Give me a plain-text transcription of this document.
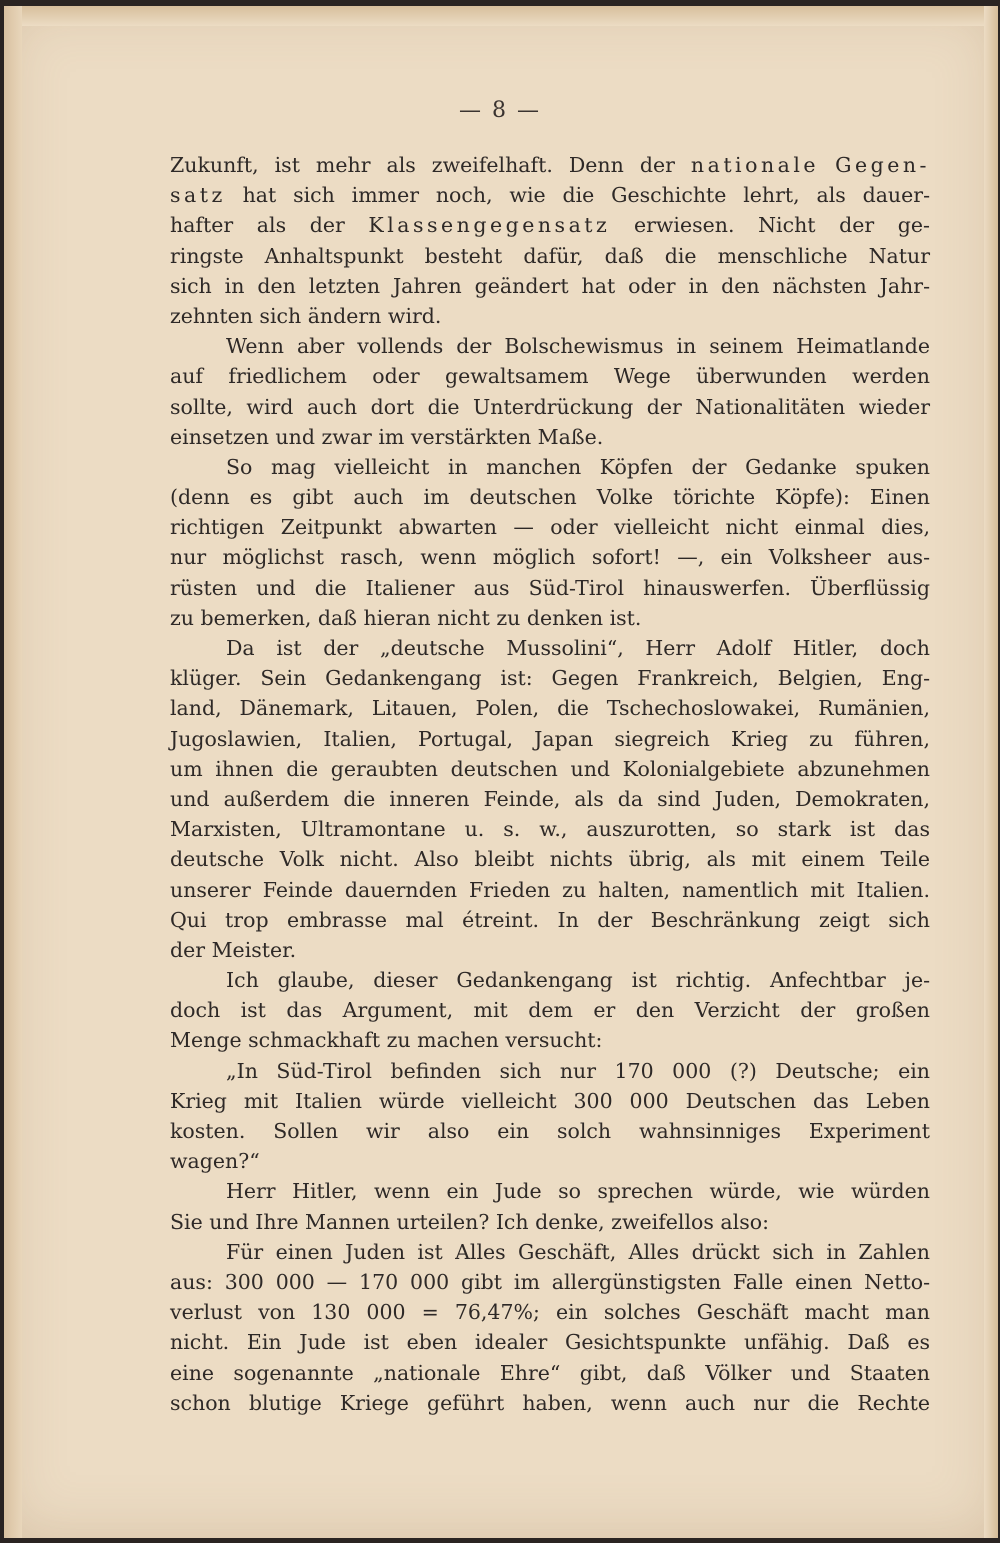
— 8 —
Zukunft, ist mehr als zweifelhaft. Denn der nationale Gegen-
satz hat sich immer noch, wie die Geschichte lehrt, als dauer-
hafter als der Klassengegensatz erwiesen. Nicht der ge-
ringste Anhaltspunkt besteht dafür, daß die menschliche Natur
sich in den letzten Jahren geändert hat oder in den nächsten Jahr-
zehnten sich ändern wird.
Wenn aber vollends der Bolschewismus in seinem Heimatlande
auf friedlichem oder gewaltsamem Wege überwunden werden
sollte, wird auch dort die Unterdrückung der Nationalitäten wieder
einsetzen und zwar im verstärkten Maße.
So mag vielleicht in manchen Köpfen der Gedanke spuken
(denn es gibt auch im deutschen Volke törichte Köpfe): Einen
richtigen Zeitpunkt abwarten — oder vielleicht nicht einmal dies,
nur möglichst rasch, wenn möglich sofort! —, ein Volksheer aus-
rüsten und die Italiener aus Süd-Tirol hinauswerfen. Überflüssig
zu bemerken, daß hieran nicht zu denken ist.
Da ist der „deutsche Mussolini“, Herr Adolf Hitler, doch
klüger. Sein Gedankengang ist: Gegen Frankreich, Belgien, Eng-
land, Dänemark, Litauen, Polen, die Tschechoslowakei, Rumänien,
Jugoslawien, Italien, Portugal, Japan siegreich Krieg zu führen,
um ihnen die geraubten deutschen und Kolonialgebiete abzunehmen
und außerdem die inneren Feinde, als da sind Juden, Demokraten,
Marxisten, Ultramontane u. s. w., auszurotten, so stark ist das
deutsche Volk nicht. Also bleibt nichts übrig, als mit einem Teile
unserer Feinde dauernden Frieden zu halten, namentlich mit Italien.
Qui trop embrasse mal étreint. In der Beschränkung zeigt sich
der Meister.
Ich glaube, dieser Gedankengang ist richtig. Anfechtbar je-
doch ist das Argument, mit dem er den Verzicht der großen
Menge schmackhaft zu machen versucht:
„In Süd-Tirol befinden sich nur 170 000 (?) Deutsche; ein
Krieg mit Italien würde vielleicht 300 000 Deutschen das Leben
kosten. Sollen wir also ein solch wahnsinniges Experiment
wagen?“
Herr Hitler, wenn ein Jude so sprechen würde, wie würden
Sie und Ihre Mannen urteilen? Ich denke, zweifellos also:
Für einen Juden ist Alles Geschäft, Alles drückt sich in Zahlen
aus: 300 000 — 170 000 gibt im allergünstigsten Falle einen Netto-
verlust von 130 000 = 76,47%; ein solches Geschäft macht man
nicht. Ein Jude ist eben idealer Gesichtspunkte unfähig. Daß es
eine sogenannte „nationale Ehre“ gibt, daß Völker und Staaten
schon blutige Kriege geführt haben, wenn auch nur die Rechte
